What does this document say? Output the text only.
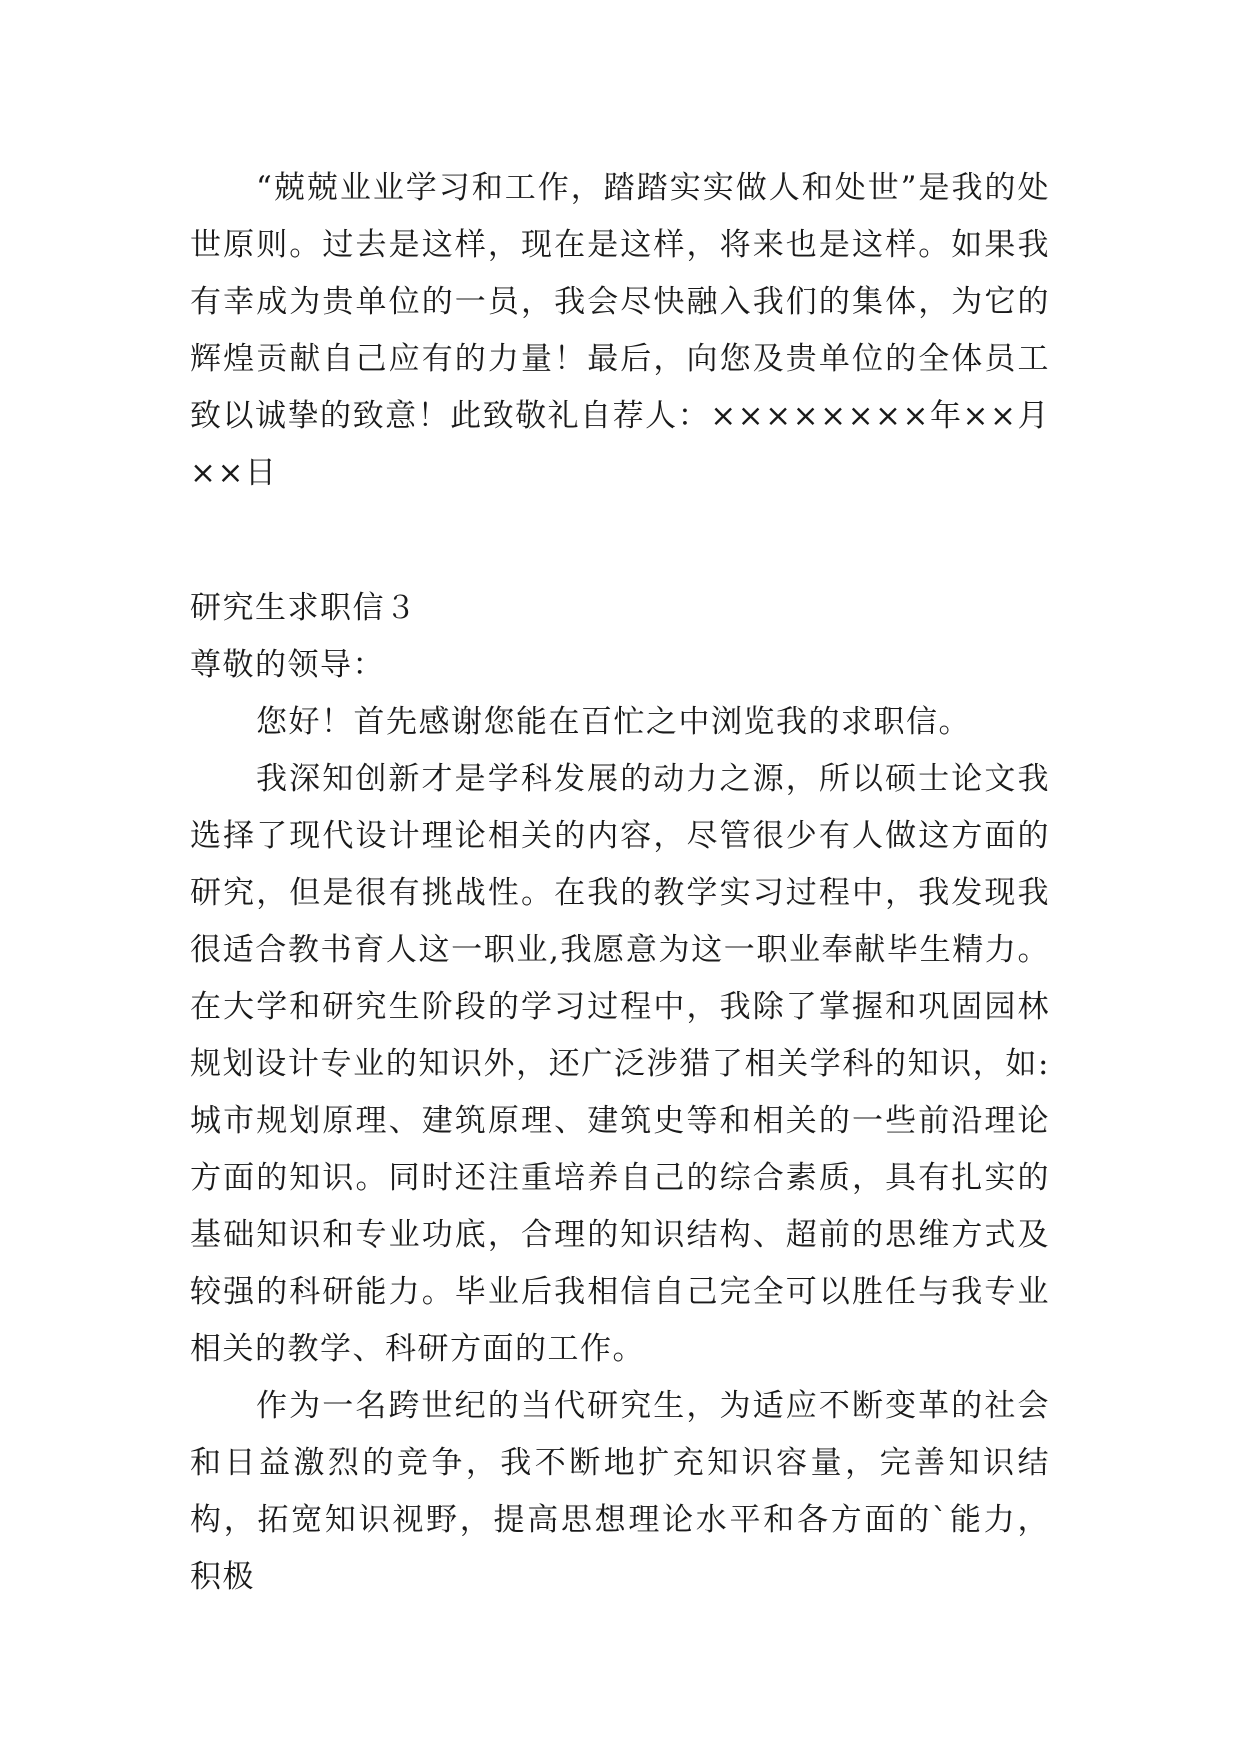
“兢兢业业学习和工作，踏踏实实做人和处世”是我的处世原则。过去是这样，现在是这样，将来也是这样。如果我有幸成为贵单位的一员，我会尽快融入我们的集体，为它的辉煌贡献自己应有的力量！最后，向您及贵单位的全体员工致以诚挚的致意！此致敬礼自荐人：××××××××年××月××日

研究生求职信３

尊敬的领导：

您好！首先感谢您能在百忙之中浏览我的求职信。

我深知创新才是学科发展的动力之源，所以硕士论文我选择了现代设计理论相关的内容，尽管很少有人做这方面的研究，但是很有挑战性。在我的教学实习过程中，我发现我很适合教书育人这一职业,我愿意为这一职业奉献毕生精力。在大学和研究生阶段的学习过程中，我除了掌握和巩固园林规划设计专业的知识外，还广泛涉猎了相关学科的知识，如:城市规划原理、建筑原理、建筑史等和相关的一些前沿理论方面的知识。同时还注重培养自己的综合素质，具有扎实的基础知识和专业功底，合理的知识结构、超前的思维方式及较强的科研能力。毕业后我相信自己完全可以胜任与我专业相关的教学、科研方面的工作。

作为一名跨世纪的当代研究生，为适应不断变革的社会和日益激烈的竞争，我不断地扩充知识容量，完善知识结构，拓宽知识视野，提高思想理论水平和各方面的`能力，积极
